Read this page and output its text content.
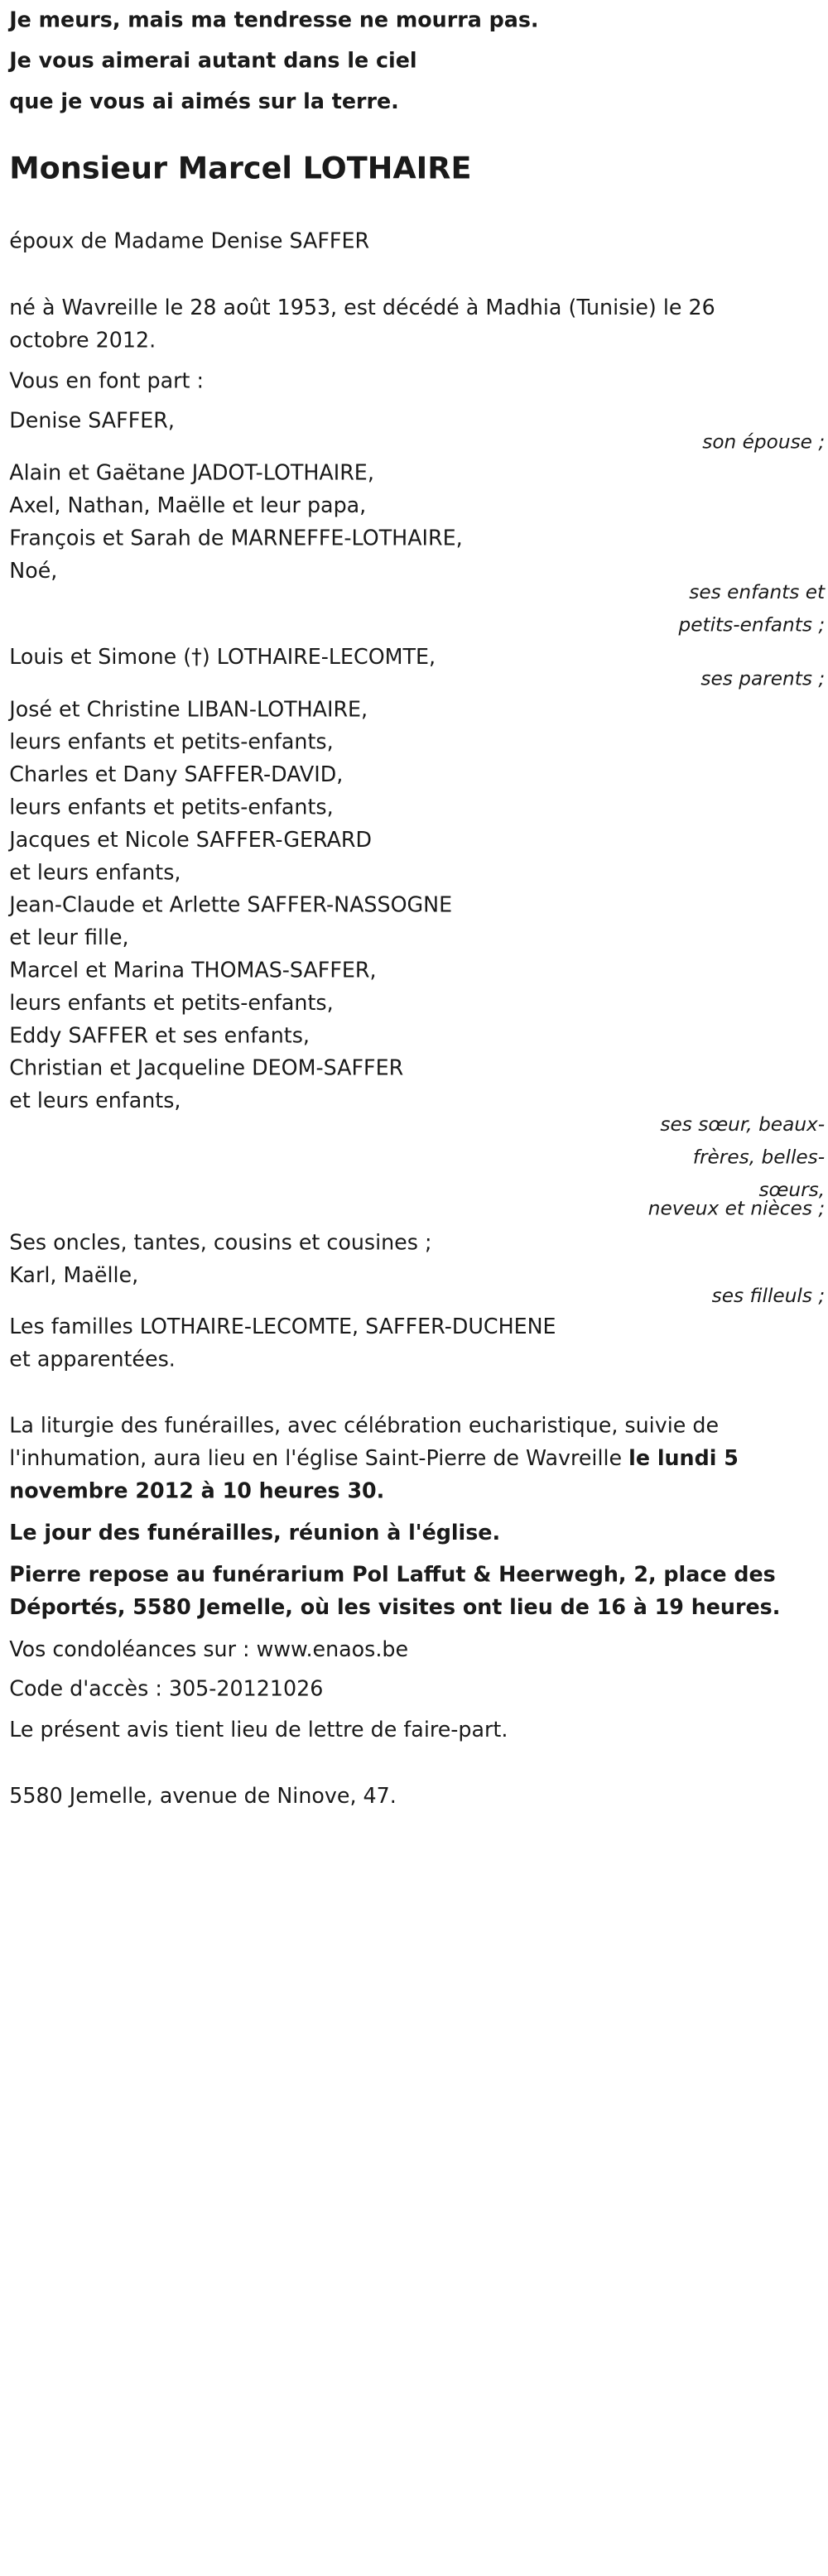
Je meurs, mais ma tendresse ne mourra pas.

Je vous aimerai autant dans le ciel

que je vous ai aimés sur la terre.

Monsieur Marcel LOTHAIRE

époux de Madame Denise SAFFER

né à Wavreille le 28 août 1953, est décédé à Madhia (Tunisie) le 26

octobre 2012.

Vous en font part :

Denise SAFFER,

son épouse ;

Alain et Gaëtane JADOT-LOTHAIRE,

Axel, Nathan, Maëlle et leur papa,

François et Sarah de MARNEFFE-LOTHAIRE,

Noé,

ses enfants et

petits-enfants ;

Louis et Simone (†) LOTHAIRE-LECOMTE,

ses parents ;

José et Christine LIBAN-LOTHAIRE,

leurs enfants et petits-enfants,

Charles et Dany SAFFER-DAVID,

leurs enfants et petits-enfants,

Jacques et Nicole SAFFER-GERARD

et leurs enfants,

Jean-Claude et Arlette SAFFER-NASSOGNE

et leur fille,

Marcel et Marina THOMAS-SAFFER,

leurs enfants et petits-enfants,

Eddy SAFFER et ses enfants,

Christian et Jacqueline DEOM-SAFFER

et leurs enfants,

ses sœur, beaux-

frères, belles-

sœurs,

neveux et nièces ;

Ses oncles, tantes, cousins et cousines ;

Karl, Maëlle,

ses filleuls ;

Les familles LOTHAIRE-LECOMTE, SAFFER-DUCHENE

et apparentées.

La liturgie des funérailles, avec célébration eucharistique, suivie de

l'inhumation, aura lieu en l'église Saint-Pierre de Wavreille le lundi 5

novembre 2012 à 10 heures 30.

Le jour des funérailles, réunion à l'église.

Pierre repose au funérarium Pol Laffut & Heerwegh, 2, place des

Déportés, 5580 Jemelle, où les visites ont lieu de 16 à 19 heures.

Vos condoléances sur : www.enaos.be

Code d'accès : 305-20121026

Le présent avis tient lieu de lettre de faire-part.

5580 Jemelle, avenue de Ninove, 47.
